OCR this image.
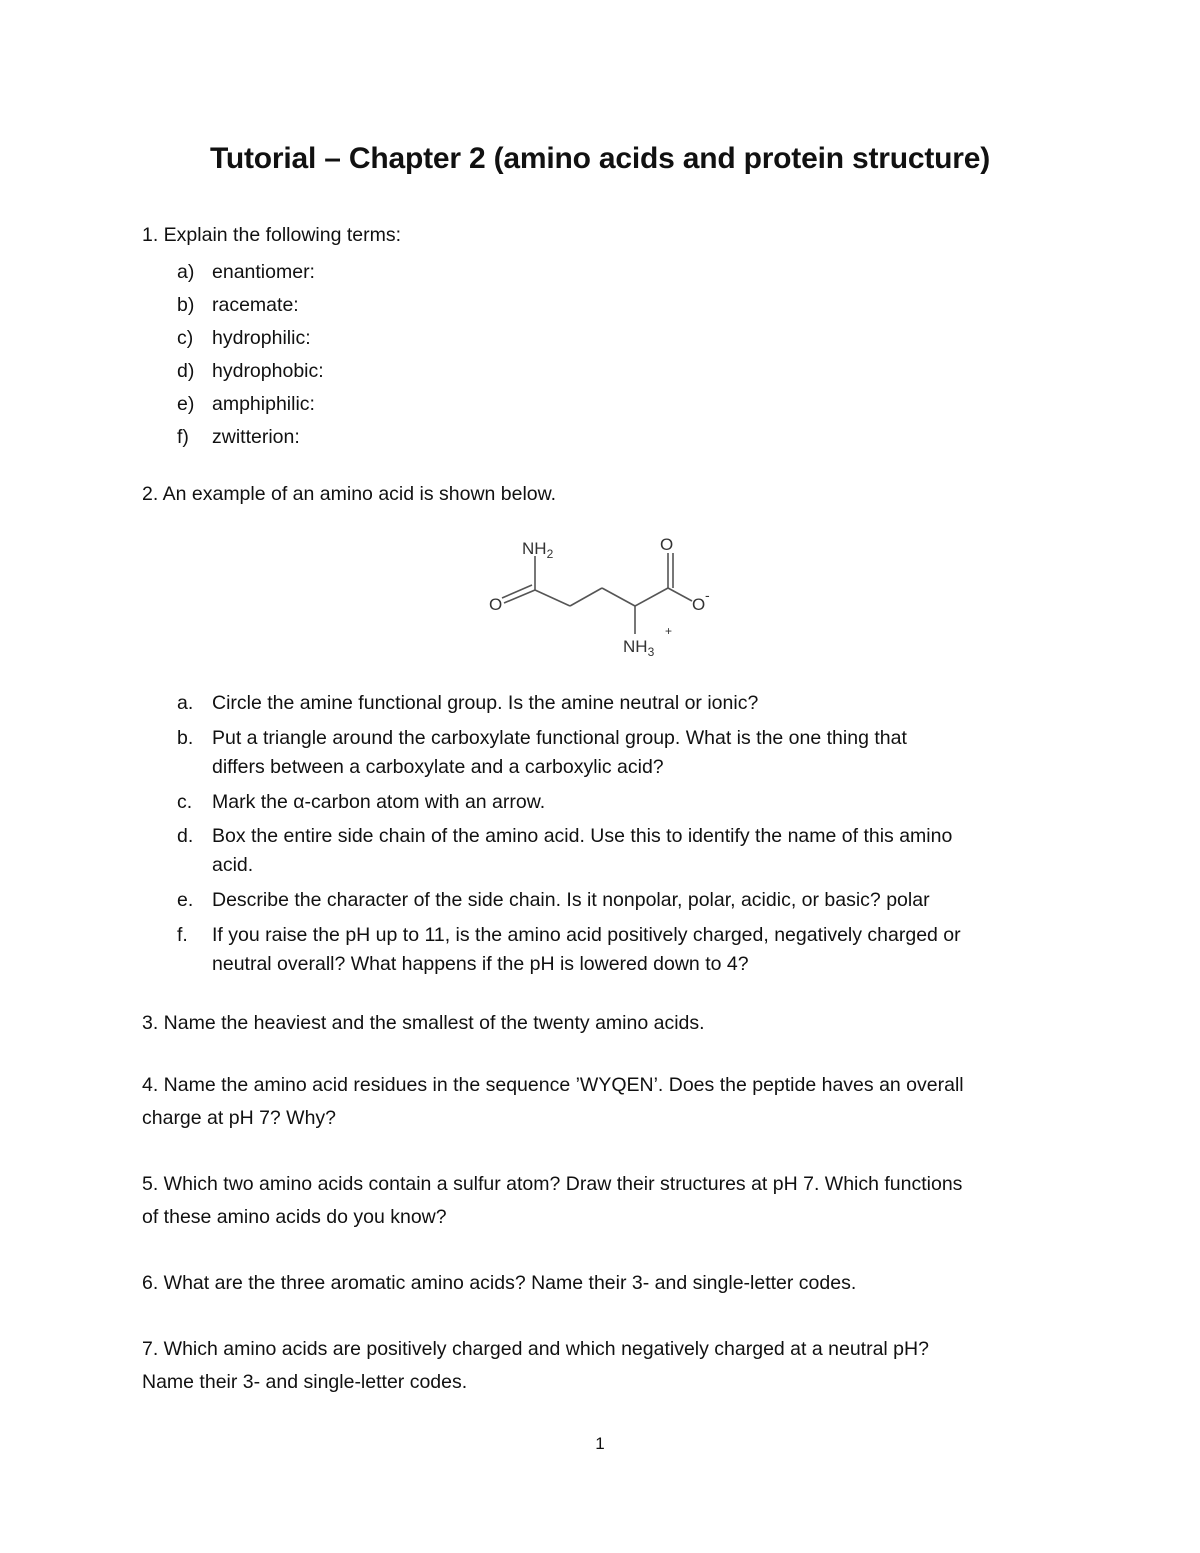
Tutorial – Chapter 2 (amino acids and protein structure)
1. Explain the following terms:
a) enantiomer:
b) racemate:
c) hydrophilic:
d) hydrophobic:
e) amphiphilic:
f) zwitterion:
2. An example of an amino acid is shown below.
$NH_2$	O
O	O -
$NH_3$
+
a. Circle the amine functional group. Is the amine neutral or ionic?
b. Put a triangle around the carboxylate functional group. What is the one thing that
differs between a carboxylate and a carboxylic acid?
c. Mark the α-carbon atom with an arrow.
d. Box the entire side chain of the amino acid. Use this to identify the name of this amino
acid.
e. Describe the character of the side chain. Is it nonpolar, polar, acidic, or basic? polar
f. If you raise the pH up to 11, is the amino acid positively charged, negatively charged or
neutral overall? What happens if the pH is lowered down to 4?
3. Name the heaviest and the smallest of the twenty amino acids.
4. Name the amino acid residues in the sequence ’WYQEN’. Does the peptide haves an overall
charge at pH 7? Why?
5. Which two amino acids contain a sulfur atom? Draw their structures at pH 7. Which functions
of these amino acids do you know?
6. What are the three aromatic amino acids? Name their 3- and single-letter codes.
7. Which amino acids are positively charged and which negatively charged at a neutral pH?
Name their 3- and single-letter codes.
1
